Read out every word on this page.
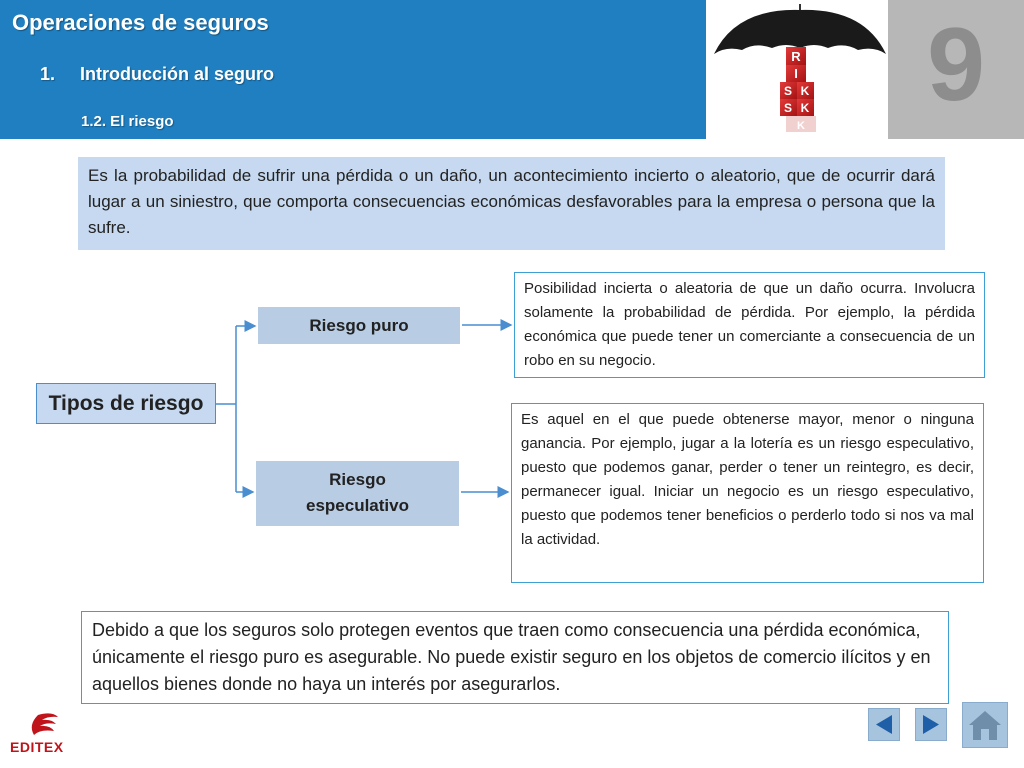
Operaciones de seguros
1. Introducción al seguro
1.2. El riesgo
R
I
S K
S K
K
9
Es la probabilidad de sufrir una pérdida o un daño, un acontecimiento incierto o aleatorio, que de ocurrir dará lugar a un siniestro, que comporta consecuencias económicas desfavorables para la empresa o persona que la sufre.
Tipos de riesgo
Riesgo puro
Riesgo
especulativo
Posibilidad incierta o aleatoria de que un daño ocurra. Involucra solamente la probabilidad de pérdida. Por ejemplo, la pérdida económica que puede tener un comerciante a consecuencia de un robo en su negocio.
Es aquel en el que puede obtenerse mayor, menor o ninguna ganancia. Por ejemplo, jugar a la lotería es un riesgo especulativo, puesto que podemos ganar, perder o tener un reintegro, es decir, permanecer igual. Iniciar un negocio es un riesgo especulativo, puesto que podemos tener beneficios o perderlo todo si nos va mal la actividad.
Debido a que los seguros solo protegen eventos que traen como consecuencia una pérdida económica, únicamente el riesgo puro es asegurable. No puede existir seguro en los objetos de comercio ilícitos y en aquellos bienes donde no haya un interés por asegurarlos.
EDITEX
